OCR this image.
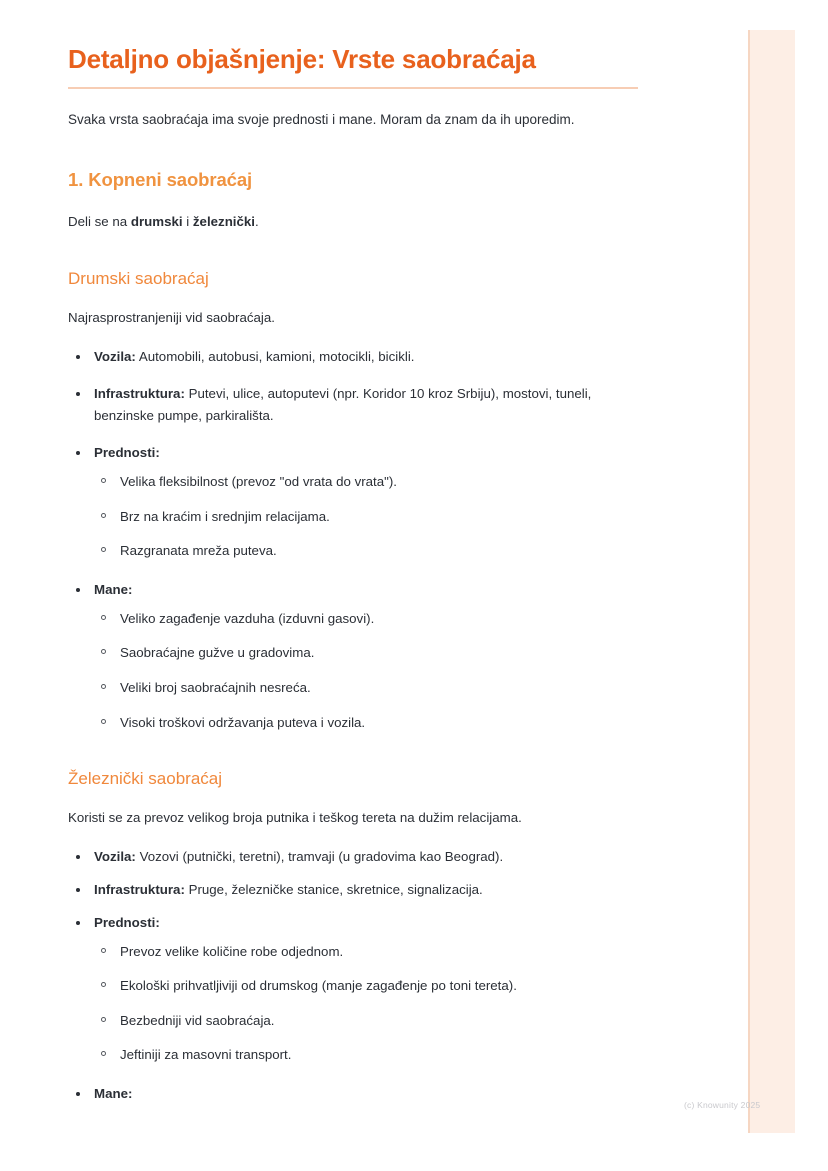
Detaljno objašnjenje: Vrste saobraćaja

Svaka vrsta saobraćaja ima svoje prednosti i mane. Moram da znam da ih uporedim.

1. Kopneni saobraćaj

Deli se na drumski i železnički.

Drumski saobraćaj

Najrasprostranjeniji vid saobraćaja.

Vozila: Automobili, autobusi, kamioni, motocikli, bicikli.
Infrastruktura: Putevi, ulice, autoputevi (npr. Koridor 10 kroz Srbiju), mostovi, tuneli, benzinske pumpe, parkirališta.
Prednosti:
Velika fleksibilnost (prevoz "od vrata do vrata").
Brz na kraćim i srednjim relacijama.
Razgranata mreža puteva.
Mane:
Veliko zagađenje vazduha (izduvni gasovi).
Saobraćajne gužve u gradovima.
Veliki broj saobraćajnih nesreća.
Visoki troškovi održavanja puteva i vozila.
Železnički saobraćaj

Koristi se za prevoz velikog broja putnika i teškog tereta na dužim relacijama.

Vozila: Vozovi (putnički, teretni), tramvaji (u gradovima kao Beograd).
Infrastruktura: Pruge, železničke stanice, skretnice, signalizacija.
Prednosti:
Prevoz velike količine robe odjednom.
Ekološki prihvatljiviji od drumskog (manje zagađenje po toni tereta).
Bezbedniji vid saobraćaja.
Jeftiniji za masovni transport.
Mane:
(c) Knowunity 2025
